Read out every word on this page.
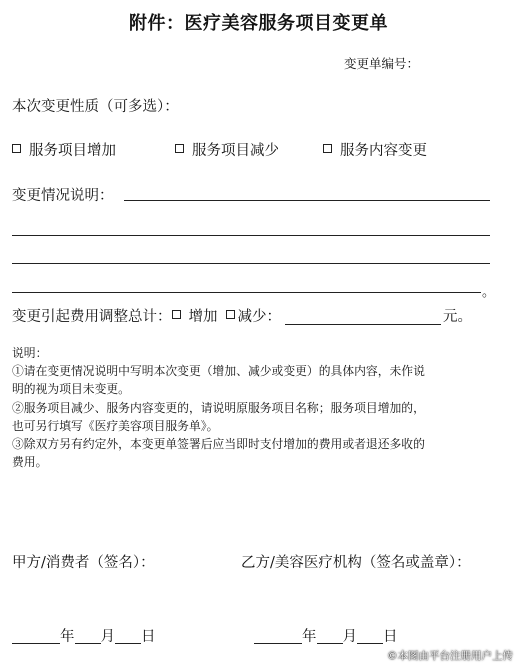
附件：医疗美容服务项目变更单
变更单编号：
本次变更性质（可多选）：
服务项目增加	服务项目减少	服务内容变更
变更情况说明：
。
变更引起费用调整总计： 增加 减少：	元。
说明：
①请在变更情况说明中写明本次变更（增加、减少或变更）的具体内容，未作说
明的视为项目未变更。
②服务项目减少、服务内容变更的，请说明原服务项目名称；服务项目增加的，
也可另行填写《医疗美容项目服务单》。
③除双方另有约定外，本变更单签署后应当即时支付增加的费用或者退还多收的
费用。
甲方/消费者（签名）：	乙方/美容医疗机构（签名或盖章）：
年 月 日	年 月 日
©本图由平台注册用户上传
